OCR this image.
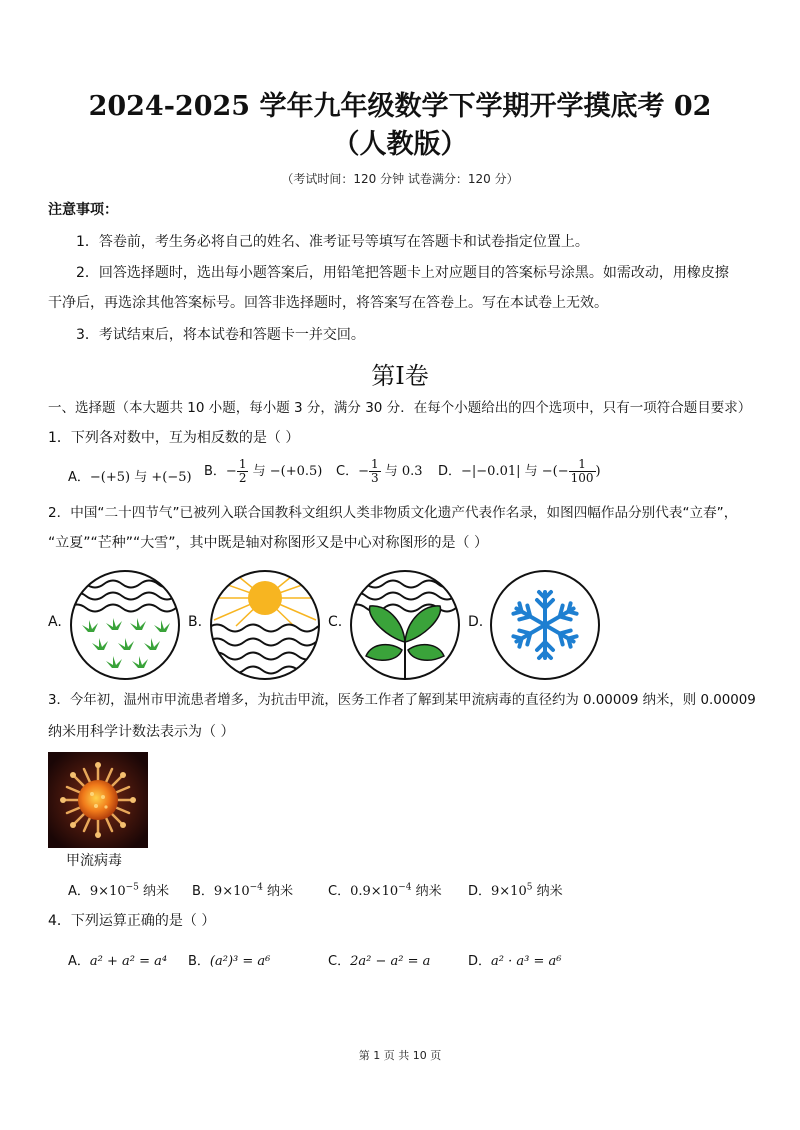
2024-2025 学年九年级数学下学期开学摸底考 02
（人教版）
（考试时间：120 分钟 试卷满分：120 分）
注意事项：
1．答卷前，考生务必将自己的姓名、准考证号等填写在答题卡和试卷指定位置上。
2．回答选择题时，选出每小题答案后，用铅笔把答题卡上对应题目的答案标号涂黑。如需改动，用橡皮擦
干净后，再选涂其他答案标号。回答非选择题时，将答案写在答卷上。写在本试卷上无效。
3．考试结束后，将本试卷和答题卡一并交回。
第I卷
一、选择题（本大题共 10 小题，每小题 3 分，满分 30 分．在每个小题给出的四个选项中，只有一项符合题目要求）
1．下列各对数中，互为相反数的是（ ）
A．−(+5) 与 +(−5) B．− $\frac{1}{2}$ 与 −(+0.5) C．− $\frac{1}{3}$ 与 0.3 D．−|−0.01| 与 −(− $\frac{1}{100}$ )
2．中国“二十四节气”已被列入联合国教科文组织人类非物质文化遗产代表作名录，如图四幅作品分别代表“立春”，
“立夏”“芒种”“大雪”，其中既是轴对称图形又是中心对称图形的是（ ）
A.	B.	C.	D.
3．今年初，温州市甲流患者增多，为抗击甲流，医务工作者了解到某甲流病毒的直径约为 0.00009 纳米，则 0.00009
纳米用科学计数法表示为（ ）
甲流病毒
A．$9\times 10^{-5}$ 纳米 B．$9\times 10^{-4}$ 纳米	C．$0.9\times 10^{-4}$ 纳米 D．$9\times 10^5$ 纳米
4．下列运算正确的是（ ）
A．a² + a² = a⁴ B．(a²)³ = a⁶	C．2a² − a² = a	D．a² · a³ = a⁶
第 1 页 共 10 页
